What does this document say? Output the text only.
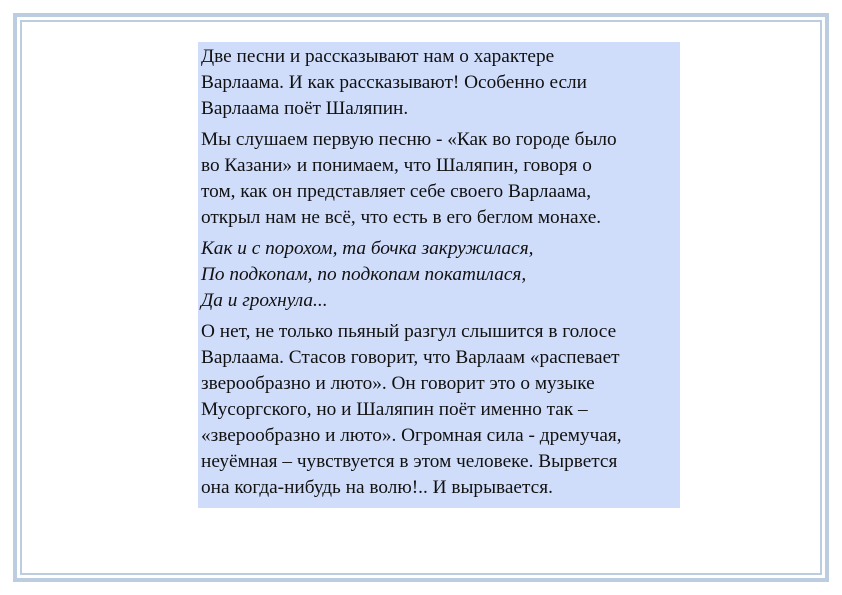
Две песни и рассказывают нам о характере
Варлаама. И как рассказывают! Особенно если
Варлаама поёт Шаляпин.

Мы слушаем первую песню - «Как во городе было
во Казани» и понимаем, что Шаляпин, говоря о
том, как он представляет себе своего Варлаама,
открыл нам не всё, что есть в его беглом монахе.

Как и с порохом, та бочка закружилася,
По подкопам, по подкопам покатилася,
Да и грохнула...

О нет, не только пьяный разгул слышится в голосе
Варлаама. Стасов говорит, что Варлаам «распевает
зверообразно и люто». Он говорит это о музыке
Мусоргского, но и Шаляпин поёт именно так –
«зверообразно и люто». Огромная сила - дремучая,
неуёмная – чувствуется в этом человеке. Вырвется
она когда-нибудь на волю!.. И вырывается.
